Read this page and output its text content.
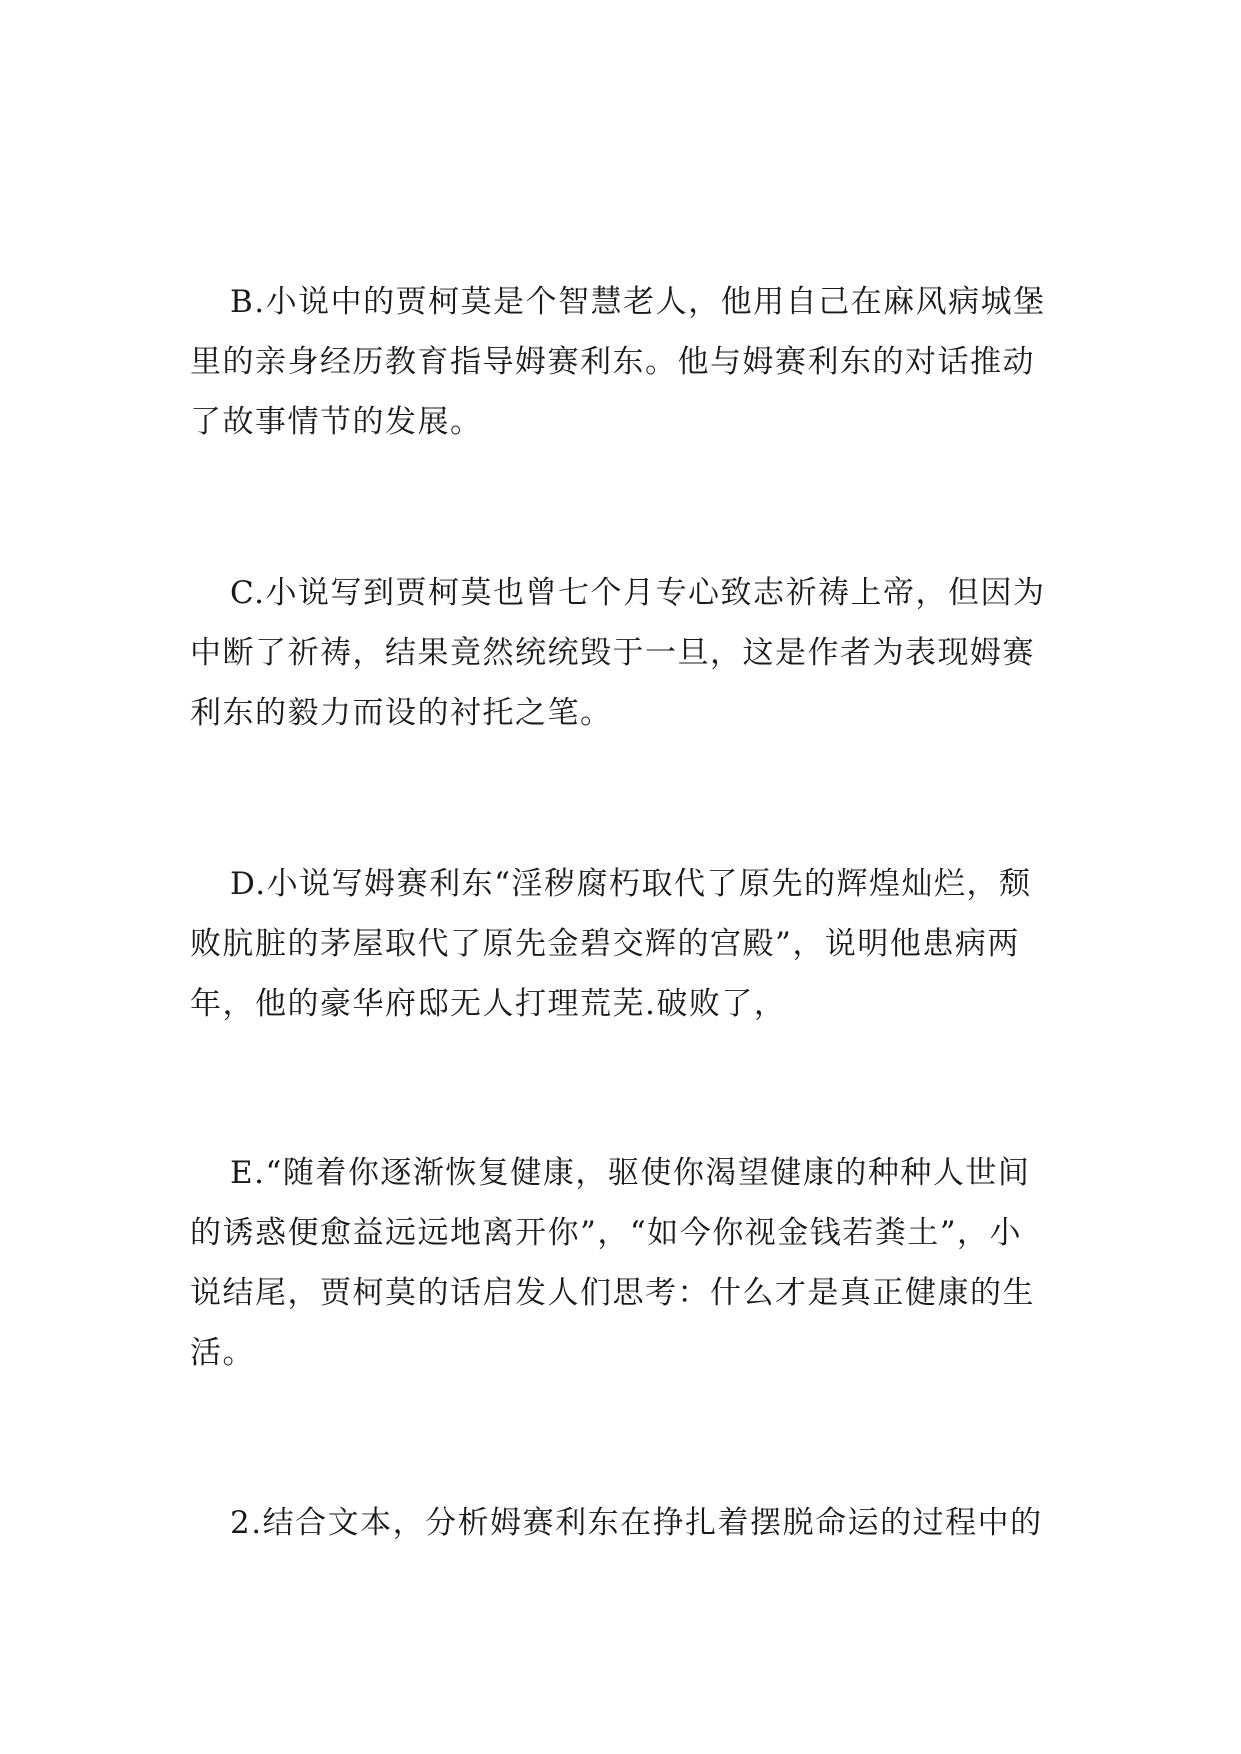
B.小说中的贾柯莫是个智慧老人，他用自己在麻风病城堡里的亲身经历教育指导姆赛利东。他与姆赛利东的对话推动了故事情节的发展。

C.小说写到贾柯莫也曾七个月专心致志祈祷上帝，但因为中断了祈祷，结果竟然统统毁于一旦，这是作者为表现姆赛利东的毅力而设的衬托之笔。

D.小说写姆赛利东“淫秽腐朽取代了原先的辉煌灿烂，颓败肮脏的茅屋取代了原先金碧交辉的宫殿”，说明他患病两年，他的豪华府邸无人打理荒芜.破败了，

E.“随着你逐渐恢复健康，驱使你渴望健康的种种人世间的诱惑便愈益远远地离开你”，“如今你视金钱若粪土”，小说结尾，贾柯莫的话启发人们思考：什么才是真正健康的生活。

2.结合文本，分析姆赛利东在挣扎着摆脱命运的过程中的
